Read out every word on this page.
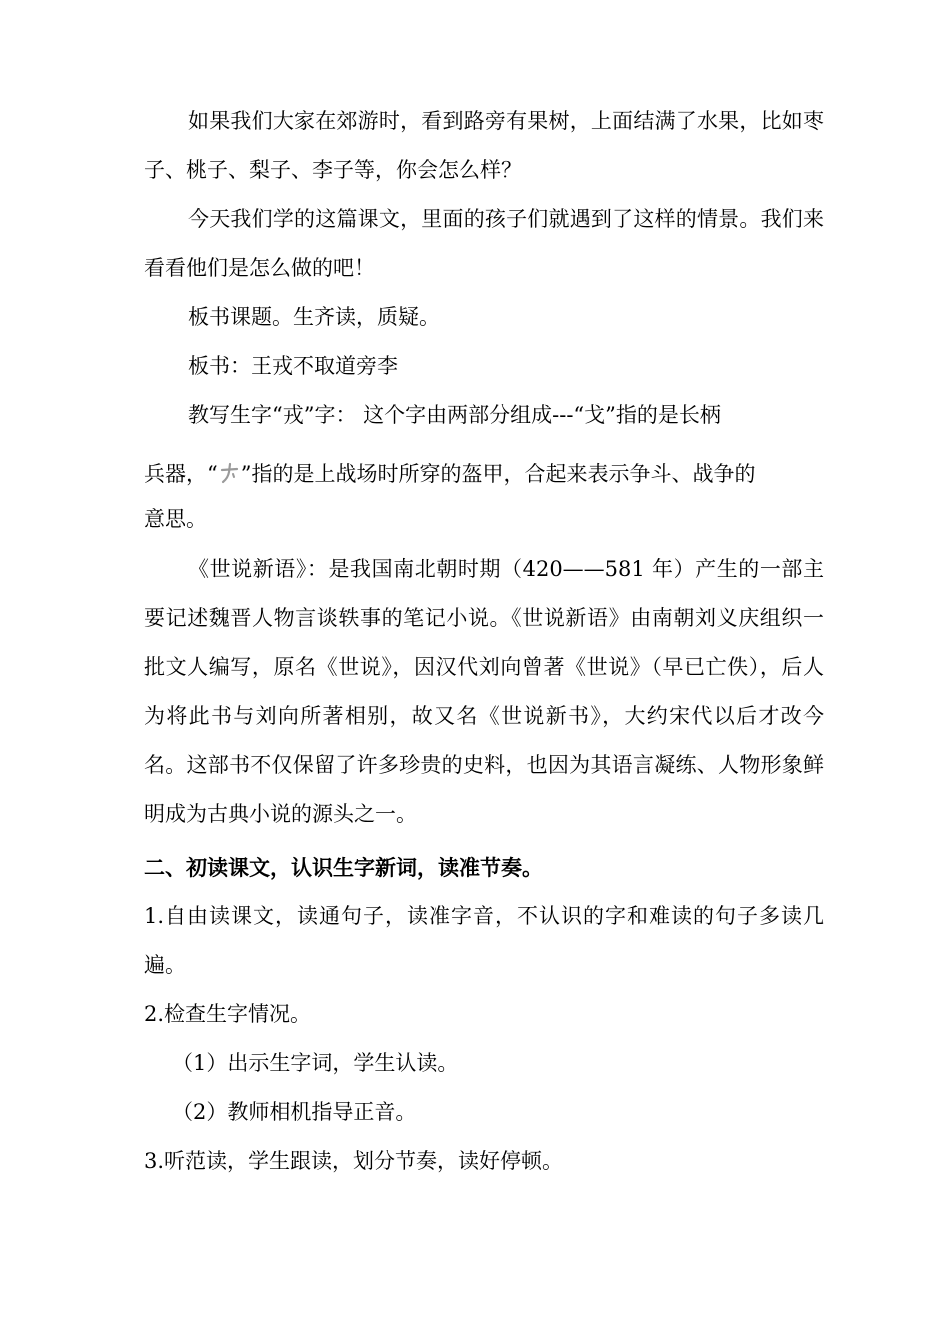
如果我们大家在郊游时，看到路旁有果树，上面结满了水果，比如枣子、桃子、梨子、李子等，你会怎么样？

今天我们学的这篇课文，里面的孩子们就遇到了这样的情景。我们来看看他们是怎么做的吧！

板书课题。生齐读，质疑。

板书：王戎不取道旁李

教写生字“戎”字： 这个字由两部分组成---“戈”指的是长柄
兵器，“ ”指的是上战场时所穿的盔甲，合起来表示争斗、战争的
意思。

《世说新语》：是我国南北朝时期（420——581 年）产生的一部主要记述魏晋人物言谈轶事的笔记小说。《世说新语》由南朝刘义庆组织一批文人编写，原名《世说》，因汉代刘向曾著《世说》（早已亡佚），后人为将此书与刘向所著相别，故又名《世说新书》，大约宋代以后才改今名。这部书不仅保留了许多珍贵的史料，也因为其语言凝练、人物形象鲜明成为古典小说的源头之一。

二、初读课文，认识生字新词，读准节奏。

1.自由读课文，读通句子，读准字音，不认识的字和难读的句子多读几遍。

2.检查生字情况。

（1）出示生字词，学生认读。

（2）教师相机指导正音。

3.听范读，学生跟读，划分节奏，读好停顿。
